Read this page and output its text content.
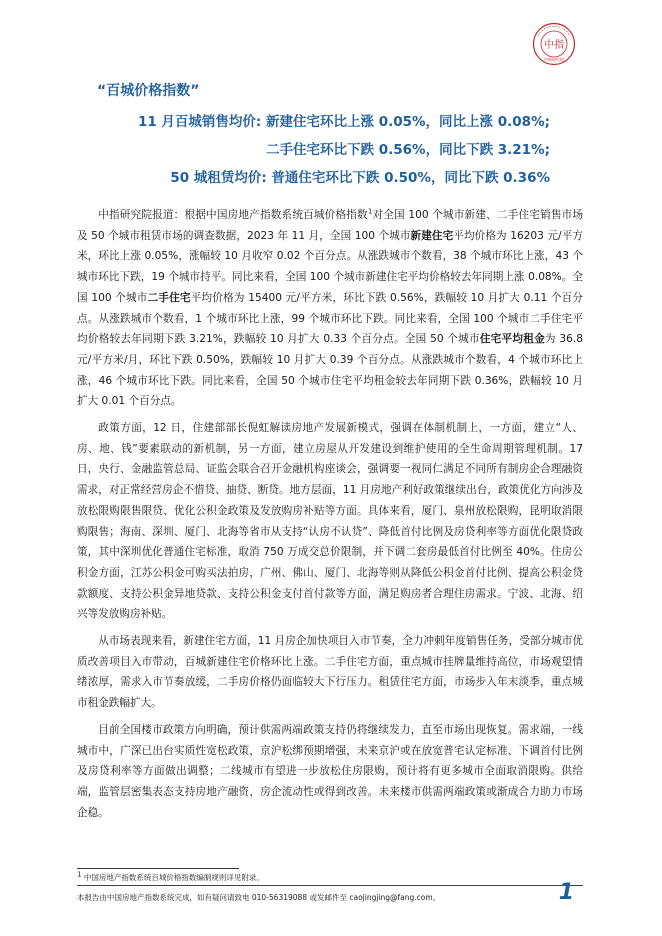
中指
中指研究院
“百城价格指数”
11 月百城销售均价: 新建住宅环比上涨 0.05%，同比上涨 0.08%;
二手住宅环比下跌 0.56%，同比下跌 3.21%;
50 城租赁均价: 普通住宅环比下跌 0.50%，同比下跌 0.36%

中指研究院报道：根据中国房地产指数系统百城价格指数$^1$对全国 100 个城市新建、二手住宅销售市场及 50 个城市租赁市场的调查数据，2023 年 11 月，全国 100 个城市新建住宅平均价格为 16203 元/平方米，环比上涨 0.05%，涨幅较 10 月收窄 0.02 个百分点。从涨跌城市个数看，38 个城市环比上涨，43 个城市环比下跌，19 个城市持平。同比来看，全国 100 个城市新建住宅平均价格较去年同期上涨 0.08%。全国 100 个城市二手住宅平均价格为 15400 元/平方米，环比下跌 0.56%，跌幅较 10 月扩大 0.11 个百分点。从涨跌城市个数看，1 个城市环比上涨，99 个城市环比下跌。同比来看，全国 100 个城市二手住宅平均价格较去年同期下跌 3.21%，跌幅较 10 月扩大 0.33 个百分点。全国 50 个城市住宅平均租金为 36.8 元/平方米/月，环比下跌 0.50%，跌幅较 10 月扩大 0.39 个百分点。从涨跌城市个数看，4 个城市环比上涨，46 个城市环比下跌。同比来看，全国 50 个城市住宅平均租金较去年同期下跌 0.36%，跌幅较 10 月扩大 0.01 个百分点。

政策方面，12 日，住建部部长倪虹解读房地产发展新模式，强调在体制机制上，一方面，建立“人、房、地、钱”要素联动的新机制，另一方面，建立房屋从开发建设到维护使用的全生命周期管理机制。17 日，央行、金融监管总局、证监会联合召开金融机构座谈会，强调要一视同仁满足不同所有制房企合理融资需求，对正常经营房企不惜贷、抽贷、断贷。地方层面，11 月房地产利好政策继续出台，政策优化方向涉及放松限购限售限贷、优化公积金政策及发放购房补贴等方面。具体来看，厦门、泉州放松限购，昆明取消限购限售；海南、深圳、厦门、北海等省市从支持“认房不认贷”、降低首付比例及房贷利率等方面优化限贷政策，其中深圳优化普通住宅标准，取消 750 万成交总价限制，并下调二套房最低首付比例至 40%。住房公积金方面，江苏公积金可购买法拍房，广州、佛山、厦门、北海等则从降低公积金首付比例、提高公积金贷款额度、支持公积金异地贷款、支持公积金支付首付款等方面，满足购房者合理住房需求。宁波、北海、绍兴等发放购房补贴。

从市场表现来看，新建住宅方面，11 月房企加快项目入市节奏，全力冲刺年度销售任务，受部分城市优质改善项目入市带动，百城新建住宅价格环比上涨。二手住宅方面，重点城市挂牌量维持高位，市场观望情绪浓厚，需求入市节奏放缓，二手房价格仍面临较大下行压力。租赁住宅方面，市场步入年末淡季，重点城市租金跌幅扩大。

目前全国楼市政策方向明确，预计供需两端政策支持仍将继续发力，直至市场出现恢复。需求端，一线城市中，广深已出台实质性宽松政策，京沪松绑预期增强，未来京沪或在放宽普宅认定标准、下调首付比例及房贷利率等方面做出调整；二线城市有望进一步放松住房限购，预计将有更多城市全面取消限购。供给端，监管层密集表态支持房地产融资，房企流动性或得到改善。未来楼市供需两端政策或渐成合力助力市场企稳。

$^1$ 中国房地产指数系统百城价格指数编制规则详见附录。
本报告由中国房地产指数系统完成，如有疑问请致电 010-56319088 或发邮件至 caojingjing@fang.com。	1
